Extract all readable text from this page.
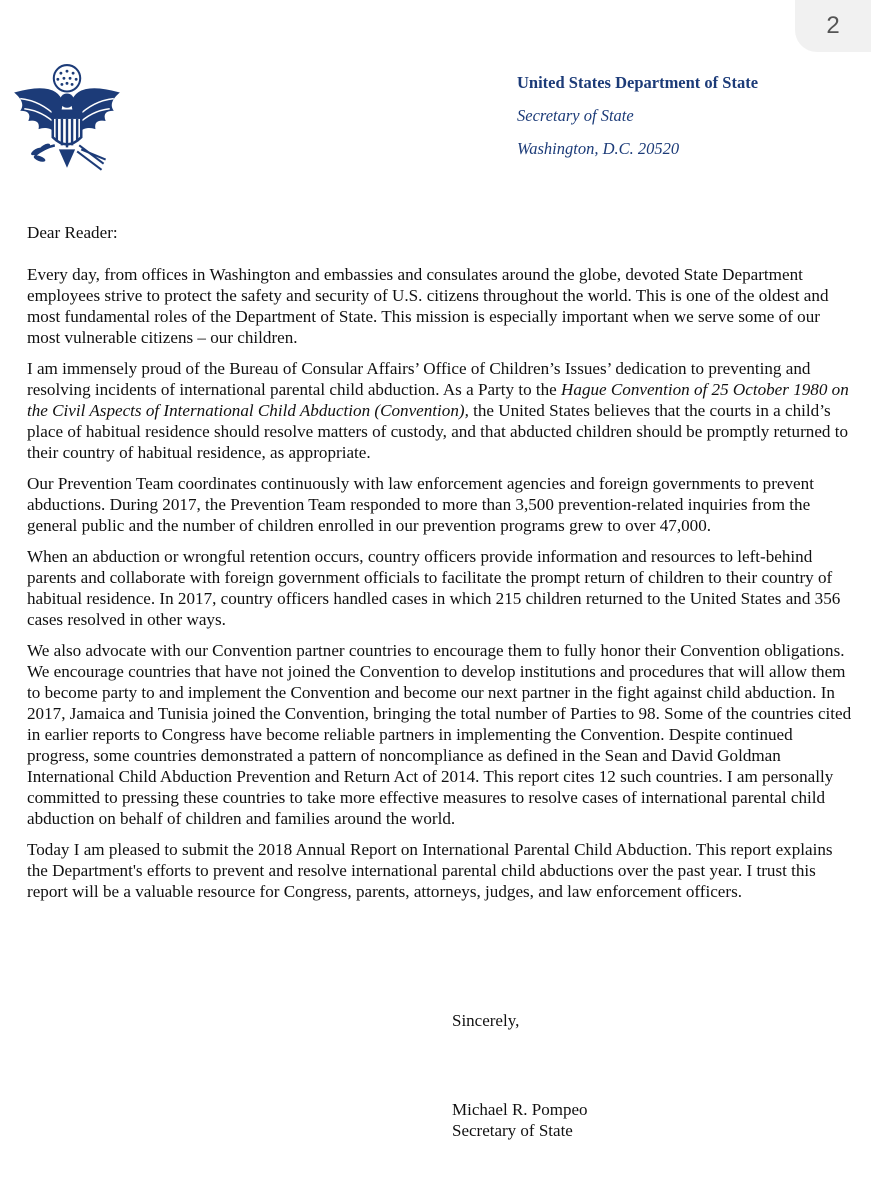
2
United States Department of State
Secretary of State
Washington, D.C. 20520
Dear Reader:

Every day, from offices in Washington and embassies and consulates around the globe, devoted State Department employees strive to protect the safety and security of U.S. citizens throughout the world. This is one of the oldest and most fundamental roles of the Department of State. This mission is especially important when we serve some of our most vulnerable citizens – our children.

I am immensely proud of the Bureau of Consular Affairs’ Office of Children’s Issues’ dedication to preventing and resolving incidents of international parental child abduction. As a Party to the Hague Convention of 25 October 1980 on the Civil Aspects of International Child Abduction (Convention), the United States believes that the courts in a child’s place of habitual residence should resolve matters of custody, and that abducted children should be promptly returned to their country of habitual residence, as appropriate.

Our Prevention Team coordinates continuously with law enforcement agencies and foreign governments to prevent abductions. During 2017, the Prevention Team responded to more than 3,500 prevention-related inquiries from the general public and the number of children enrolled in our prevention programs grew to over 47,000.

When an abduction or wrongful retention occurs, country officers provide information and resources to left-behind parents and collaborate with foreign government officials to facilitate the prompt return of children to their country of habitual residence. In 2017, country officers handled cases in which 215 children returned to the United States and 356 cases resolved in other ways.

We also advocate with our Convention partner countries to encourage them to fully honor their Convention obligations. We encourage countries that have not joined the Convention to develop institutions and procedures that will allow them to become party to and implement the Convention and become our next partner in the fight against child abduction. In 2017, Jamaica and Tunisia joined the Convention, bringing the total number of Parties to 98. Some of the countries cited in earlier reports to Congress have become reliable partners in implementing the Convention. Despite continued progress, some countries demonstrated a pattern of noncompliance as defined in the Sean and David Goldman International Child Abduction Prevention and Return Act of 2014. This report cites 12 such countries. I am personally committed to pressing these countries to take more effective measures to resolve cases of international parental child abduction on behalf of children and families around the world.

Today I am pleased to submit the 2018 Annual Report on International Parental Child Abduction. This report explains the Department's efforts to prevent and resolve international parental child abductions over the past year. I trust this report will be a valuable resource for Congress, parents, attorneys, judges, and law enforcement officers.

Sincerely,
Michael R. Pompeo
Secretary of State
